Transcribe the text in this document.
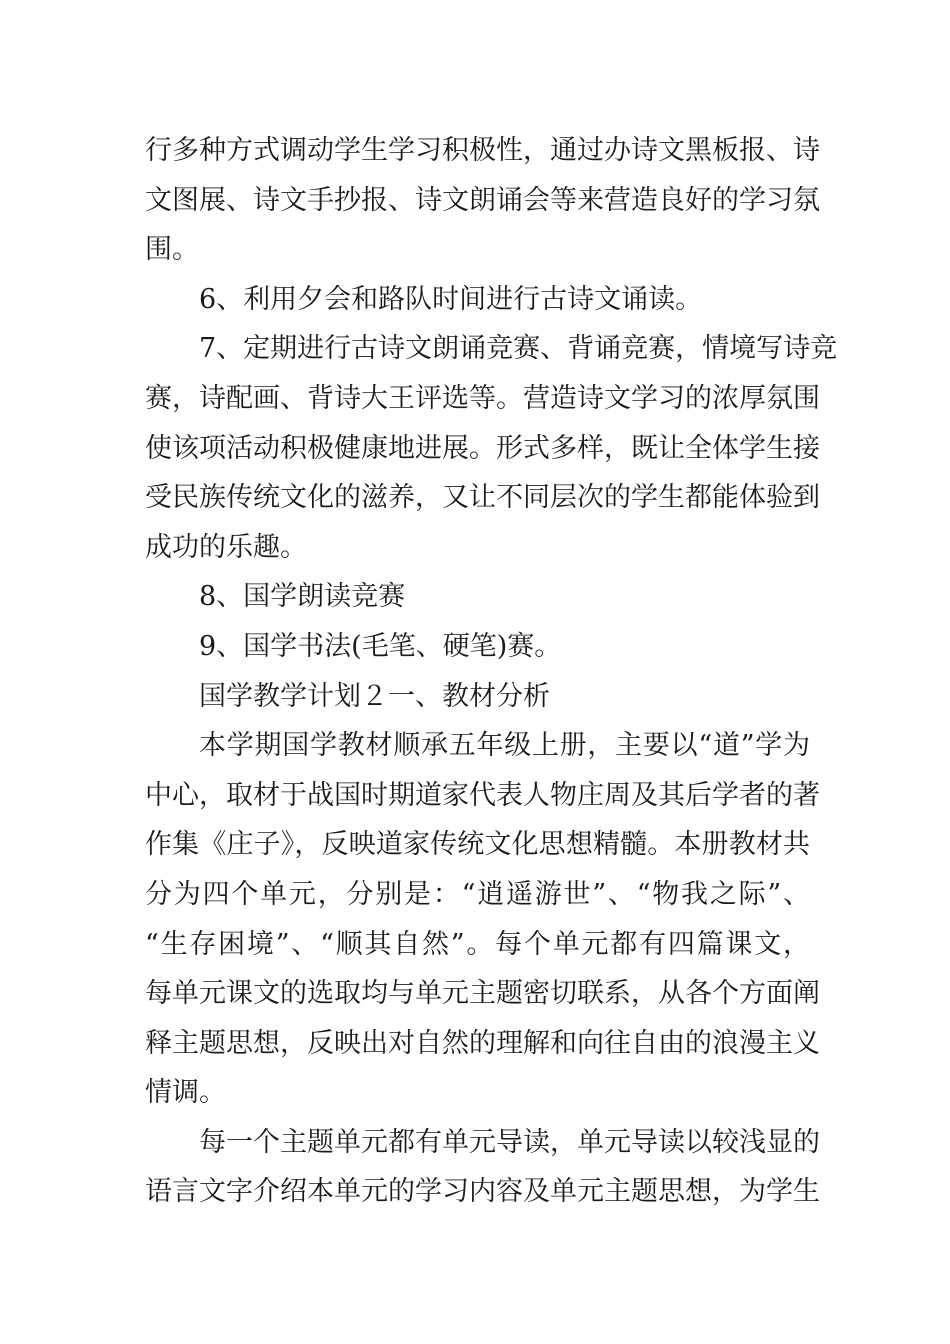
行多种方式调动学生学习积极性，通过办诗文黑板报、诗
文图展、诗文手抄报、诗文朗诵会等来营造良好的学习氛
围。
6、利用夕会和路队时间进行古诗文诵读。
7、定期进行古诗文朗诵竞赛、背诵竞赛，情境写诗竞
赛，诗配画、背诗大王评选等。营造诗文学习的浓厚氛围
使该项活动积极健康地进展。形式多样，既让全体学生接
受民族传统文化的滋养，又让不同层次的学生都能体验到
成功的乐趣。
8、国学朗读竞赛
9、国学书法(毛笔、硬笔)赛。
国学教学计划２一、教材分析
本学期国学教材顺承五年级上册，主要以“道”学为
中心，取材于战国时期道家代表人物庄周及其后学者的著
作集《庄子》，反映道家传统文化思想精髓。本册教材共
分为四个单元，分别是：“逍遥游世”、“物我之际”、
“生存困境”、“顺其自然”。每个单元都有四篇课文，
每单元课文的选取均与单元主题密切联系，从各个方面阐
释主题思想，反映出对自然的理解和向往自由的浪漫主义
情调。
每一个主题单元都有单元导读，单元导读以较浅显的
语言文字介绍本单元的学习内容及单元主题思想，为学生
